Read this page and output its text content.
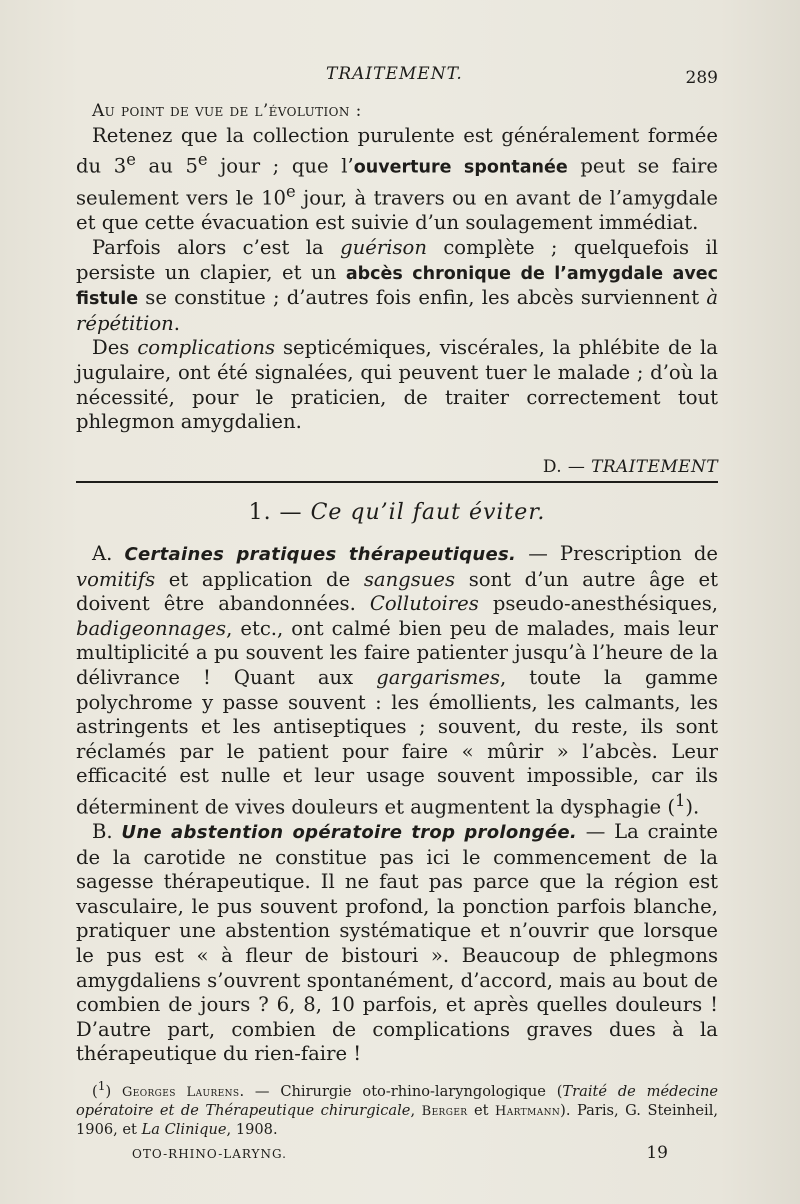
TRAITEMENT.	289

Au point de vue de l’évolution :

Retenez que la collection purulente est généralement formée du 3e au 5e jour ; que l’ouverture spontanée peut se faire seulement vers le 10e jour, à travers ou en avant de l’amygdale et que cette évacuation est suivie d’un soulagement immédiat.

Parfois alors c’est la guérison complète ; quelquefois il persiste un clapier, et un abcès chronique de l’amygdale avec fistule se constitue ; d’autres fois enfin, les abcès surviennent à répétition.

Des complications septicémiques, viscérales, la phlébite de la jugulaire, ont été signalées, qui peuvent tuer le malade ; d’où la nécessité, pour le praticien, de traiter correctement tout phlegmon amygdalien.

D. — TRAITEMENT
1. — Ce qu’il faut éviter.

A. Certaines pratiques thérapeutiques. — Prescription de vomitifs et application de sangsues sont d’un autre âge et doivent être abandonnées. Collutoires pseudo-anesthésiques, badigeonnages, etc., ont calmé bien peu de malades, mais leur multiplicité a pu souvent les faire patienter jusqu’à l’heure de la délivrance ! Quant aux gargarismes, toute la gamme polychrome y passe souvent : les émollients, les calmants, les astringents et les antiseptiques ; souvent, du reste, ils sont réclamés par le patient pour faire « mûrir » l’abcès. Leur efficacité est nulle et leur usage souvent impossible, car ils déterminent de vives douleurs et augmentent la dysphagie ($^1$).

B. Une abstention opératoire trop prolongée. — La crainte de la carotide ne constitue pas ici le commencement de la sagesse thérapeutique. Il ne faut pas parce que la région est vasculaire, le pus souvent profond, la ponction parfois blanche, pratiquer une abstention systématique et n’ouvrir que lorsque le pus est « à fleur de bistouri ». Beaucoup de phlegmons amygdaliens s’ouvrent spontanément, d’accord, mais au bout de combien de jours ? 6, 8, 10 parfois, et après quelles douleurs ! D’autre part, combien de complications graves dues à la thérapeutique du rien-faire !

($^1$) Georges Laurens. — Chirurgie oto-rhino-laryngologique (Traité de médecine opératoire et de Thérapeutique chirurgicale, Berger et Hartmann). Paris, G. Steinheil, 1906, et La Clinique, 1908.
OTO-RHINO-LARYNG.	19
